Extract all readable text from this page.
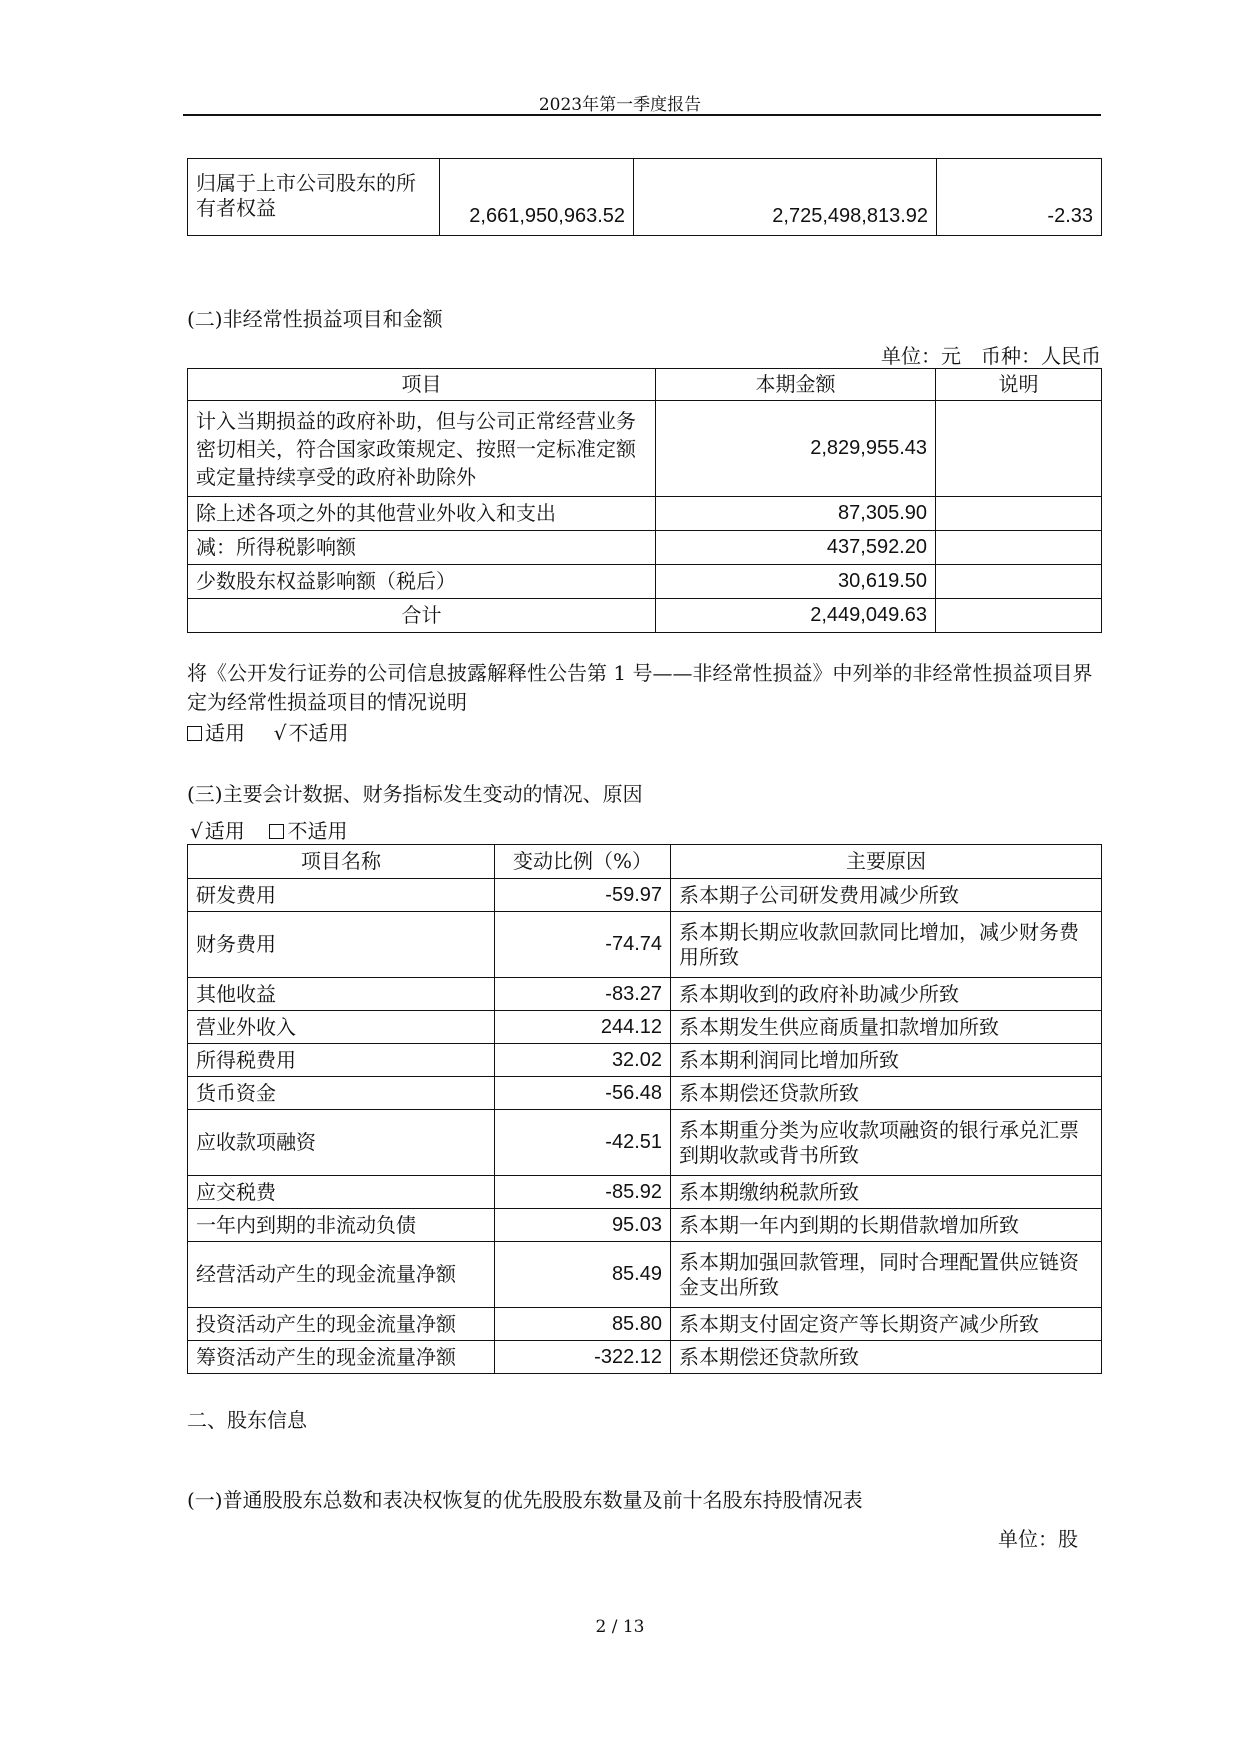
2023年第一季度报告
归属于上市公司股东的所有者权益	2,661,950,963.52	2,725,498,813.92	-2.33
(二)非经常性损益项目和金额
单位：元　币种：人民币
项目	本期金额	说明
计入当期损益的政府补助，但与公司正常经营业务密切相关，符合国家政策规定、按照一定标准定额或定量持续享受的政府补助除外	2,829,955.43	
除上述各项之外的其他营业外收入和支出	87,305.90	
减：所得税影响额	437,592.20	
少数股东权益影响额（税后）	30,619.50	
合计	2,449,049.63	
将《公开发行证券的公司信息披露解释性公告第 1 号——非经常性损益》中列举的非经常性损益项目界定为经常性损益项目的情况说明
适用 √ 不适用
(三)主要会计数据、财务指标发生变动的情况、原因
√ 适用 不适用
项目名称	变动比例（%）	主要原因
研发费用	-59.97	系本期子公司研发费用减少所致
财务费用	-74.74	系本期长期应收款回款同比增加，减少财务费用所致
其他收益	-83.27	系本期收到的政府补助减少所致
营业外收入	244.12	系本期发生供应商质量扣款增加所致
所得税费用	32.02	系本期利润同比增加所致
货币资金	-56.48	系本期偿还贷款所致
应收款项融资	-42.51	系本期重分类为应收款项融资的银行承兑汇票到期收款或背书所致
应交税费	-85.92	系本期缴纳税款所致
一年内到期的非流动负债	95.03	系本期一年内到期的长期借款增加所致
经营活动产生的现金流量净额	85.49	系本期加强回款管理，同时合理配置供应链资金支出所致
投资活动产生的现金流量净额	85.80	系本期支付固定资产等长期资产减少所致
筹资活动产生的现金流量净额	-322.12	系本期偿还贷款所致
二、股东信息
(一)普通股股东总数和表决权恢复的优先股股东数量及前十名股东持股情况表
单位：股
2 / 13
